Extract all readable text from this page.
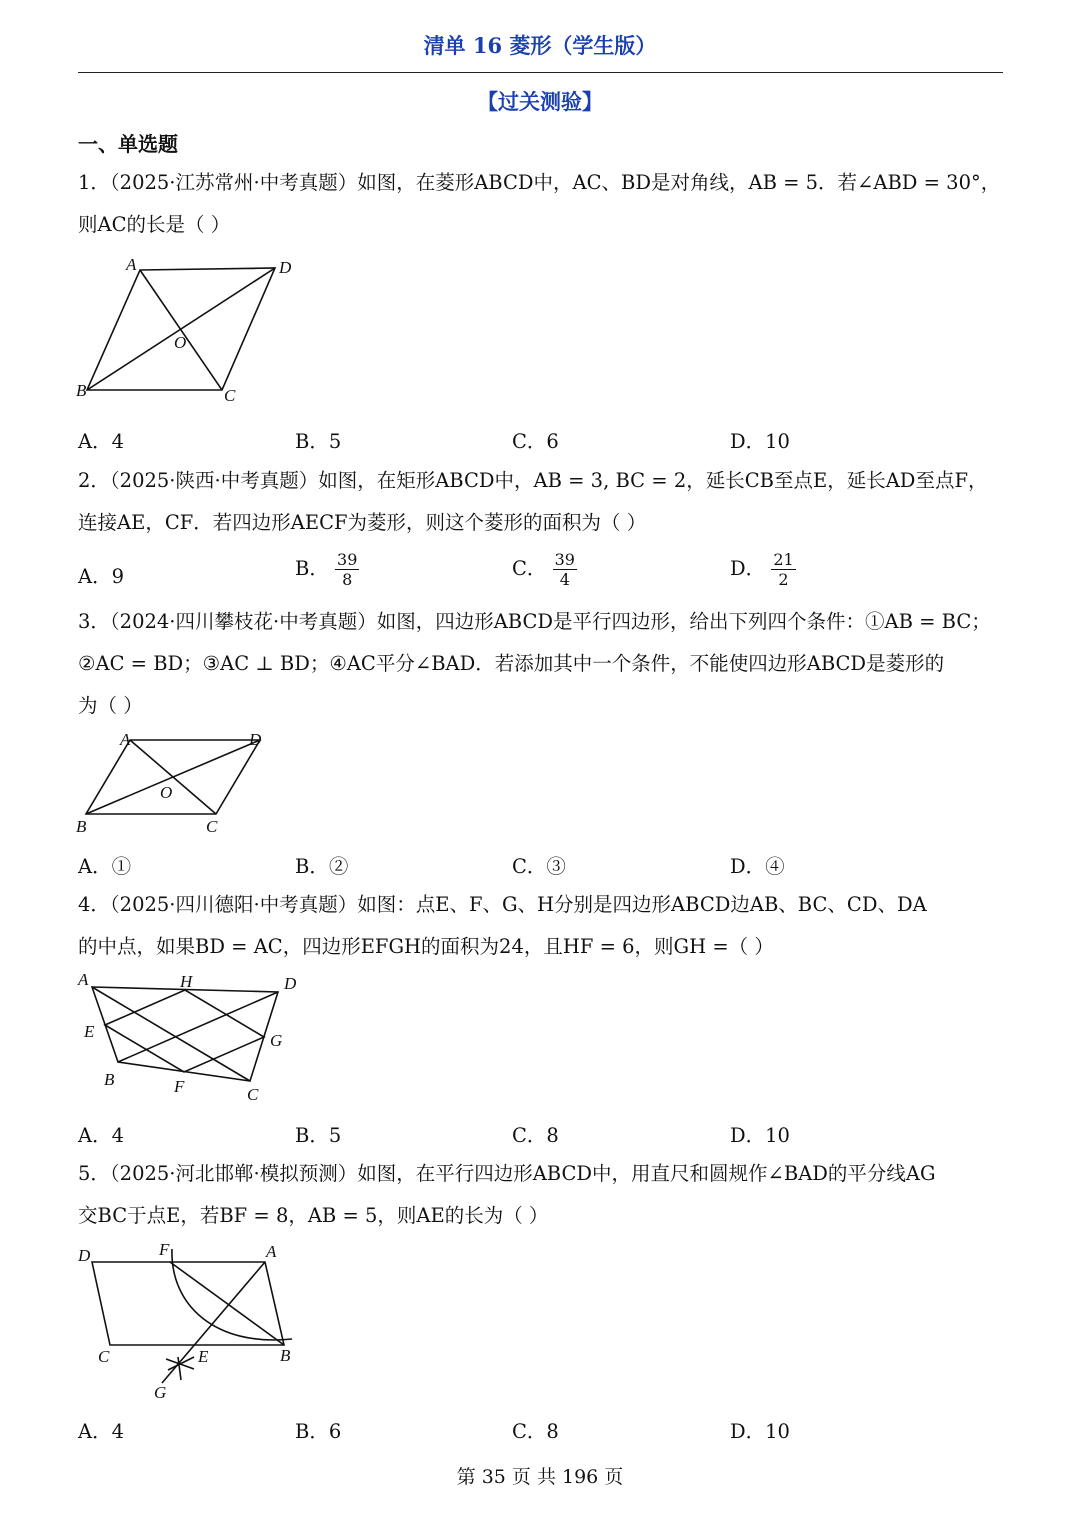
清单 16 菱形（学生版）
【过关测验】
一、单选题
1．（2025·江苏常州·中考真题）如图，在菱形ABCD中，AC、BD是对角线，AB = 5．若∠ABD = 30°，
则AC的长是（ ）
A	D
B	C
O
A．4	B．5	C．6	D．10
2．（2025·陕西·中考真题）如图，在矩形ABCD中，AB = 3, BC = 2，延长CB至点E，延长AD至点F，
连接AE，CF．若四边形AECF为菱形，则这个菱形的面积为（ ）
A．9	B． $\frac{39}{8}$	C． $\frac{39}{4}$	D． $\frac{21}{2}$
3．（2024·四川攀枝花·中考真题）如图，四边形ABCD是平行四边形，给出下列四个条件：①AB = BC；
②AC = BD；③AC ⊥ BD；④AC平分∠BAD．若添加其中一个条件，不能使四边形ABCD是菱形的
为（ ）
A	D
B	C
O
A．①	B．②	C．③	D．④
4．（2025·四川德阳·中考真题）如图：点E、F、G、H分别是四边形ABCD边AB、BC、CD、DA
的中点，如果BD = AC，四边形EFGH的面积为24，且HF = 6，则GH =（ ）
A	H	D
E	G
B	F	C
A．4	B．5	C．8	D．10
5．（2025·河北邯郸·模拟预测）如图，在平行四边形ABCD中，用直尺和圆规作∠BAD的平分线AG
交BC于点E，若BF = 8，AB = 5，则AE的长为（ ）
D	F	A
C	E	B
G
A．4	B．6	C．8	D．10
第 35 页 共 196 页
